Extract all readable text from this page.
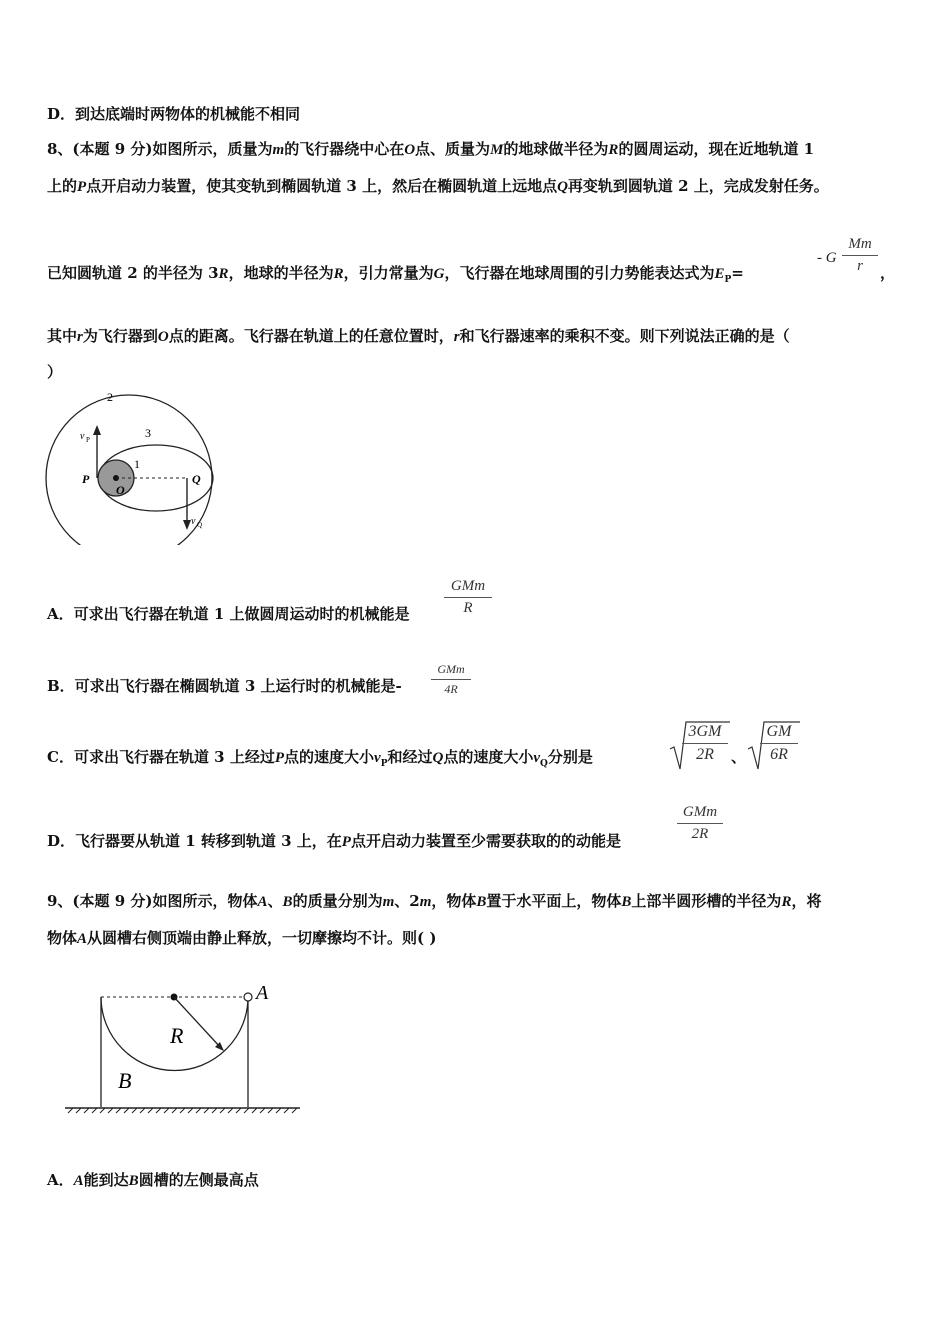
D．到达底端时两物体的机械能不相同
8、(本题 9 分)如图所示，质量为m的飞行器绕中心在O点、质量为M的地球做半径为R的圆周运动，现在近地轨道 1
上的P点开启动力装置，使其变轨到椭圆轨道 3 上，然后在椭圆轨道上远地点Q再变轨到圆轨道 2 上，完成发射任务。
已知圆轨道 2 的半径为 3R，地球的半径为R，引力常量为G，飞行器在地球周围的引力势能表达式为$E_P=$
- G $\frac{Mm}{r}$ ，
其中r为飞行器到O点的距离。飞行器在轨道上的任意位置时，r和飞行器速率的乘积不变。则下列说法正确的是（
）
2
3
1
P
O
Q
v P
v Q
A．可求出飞行器在轨道 1 上做圆周运动时的机械能是
GMm
R
B．可求出飞行器在椭圆轨道 3 上运行时的机械能是-
GMm
4R
C．可求出飞行器在轨道 3 上经过P点的速度大小$v_P$和经过Q点的速度大小$v_Q$分别是	$\frac{3GM}{2R}$ 、 $\frac{GM}{6R}$
D．飞行器要从轨道 1 转移到轨道 3 上，在P点开启动力装置至少需要获取的的动能是
GMm
2R
9、(本题 9 分)如图所示，物体A、B的质量分别为m、2m，物体B置于水平面上，物体B上部半圆形槽的半径为R，将
物体A从圆槽右侧顶端由静止释放，一切摩擦均不计。则( )
A
R
B
A．A能到达B圆槽的左侧最高点
